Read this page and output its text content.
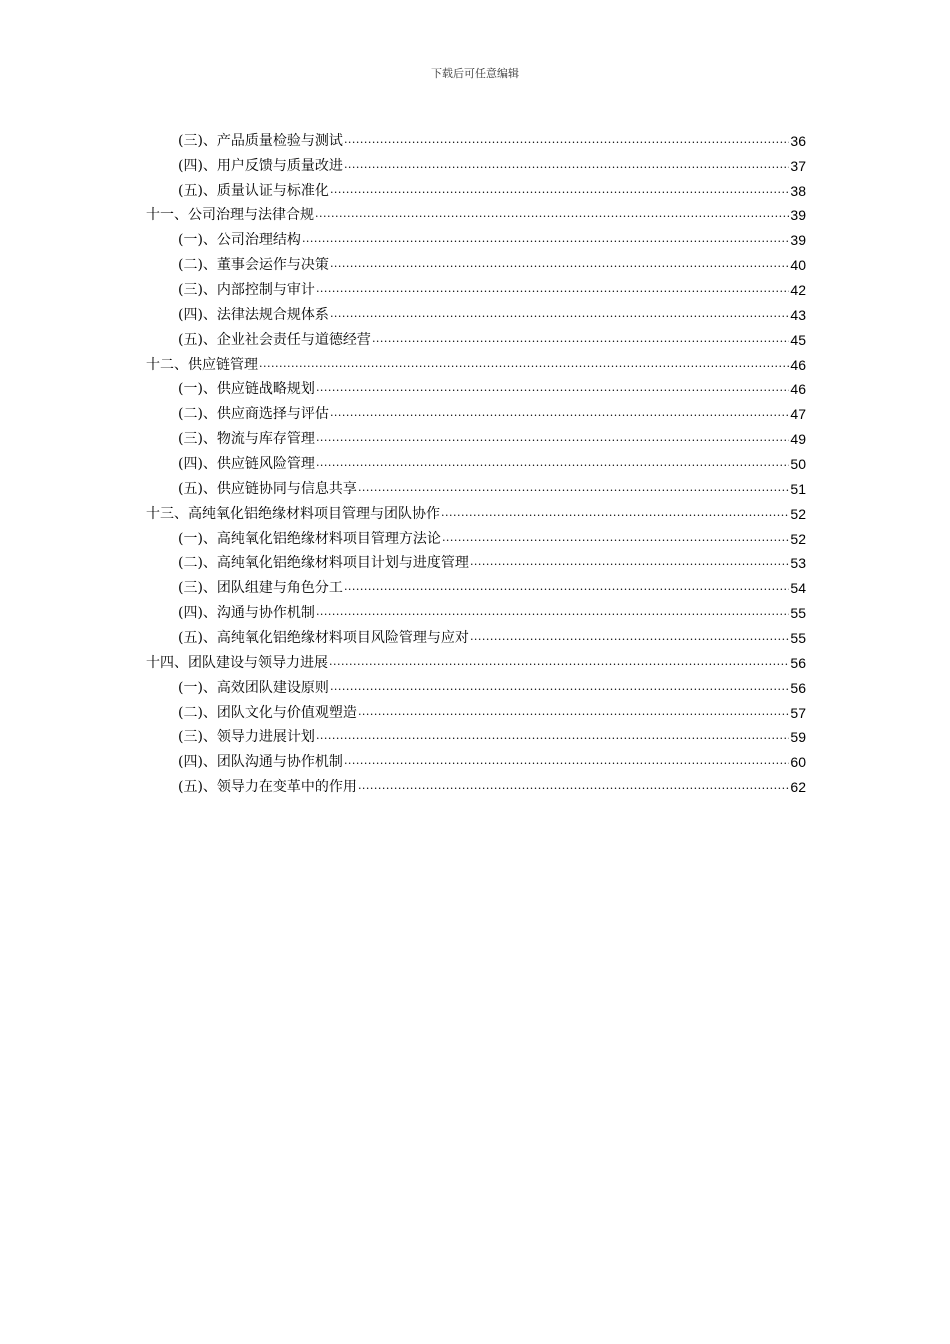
下载后可任意编辑
(三)、产品质量检验与测试 .....	36
(四)、用户反馈与质量改进 .....	37
(五)、质量认证与标准化 .....	38
十一、公司治理与法律合规 .....	39
(一)、公司治理结构 .....	39
(二)、董事会运作与决策 .....	40
(三)、内部控制与审计 .....	42
(四)、法律法规合规体系 .....	43
(五)、企业社会责任与道德经营 .....	45
十二、供应链管理 .....	46
(一)、供应链战略规划 .....	46
(二)、供应商选择与评估 .....	47
(三)、物流与库存管理 .....	49
(四)、供应链风险管理 .....	50
(五)、供应链协同与信息共享 .....	51
十三、高纯氧化铝绝缘材料项目管理与团队协作 .....	52
(一)、高纯氧化铝绝缘材料项目管理方法论 .....	52
(二)、高纯氧化铝绝缘材料项目计划与进度管理 .....	53
(三)、团队组建与角色分工 .....	54
(四)、沟通与协作机制 .....	55
(五)、高纯氧化铝绝缘材料项目风险管理与应对 .....	55
十四、团队建设与领导力进展 .....	56
(一)、高效团队建设原则 .....	56
(二)、团队文化与价值观塑造 .....	57
(三)、领导力进展计划 .....	59
(四)、团队沟通与协作机制 .....	60
(五)、领导力在变革中的作用 .....	62
